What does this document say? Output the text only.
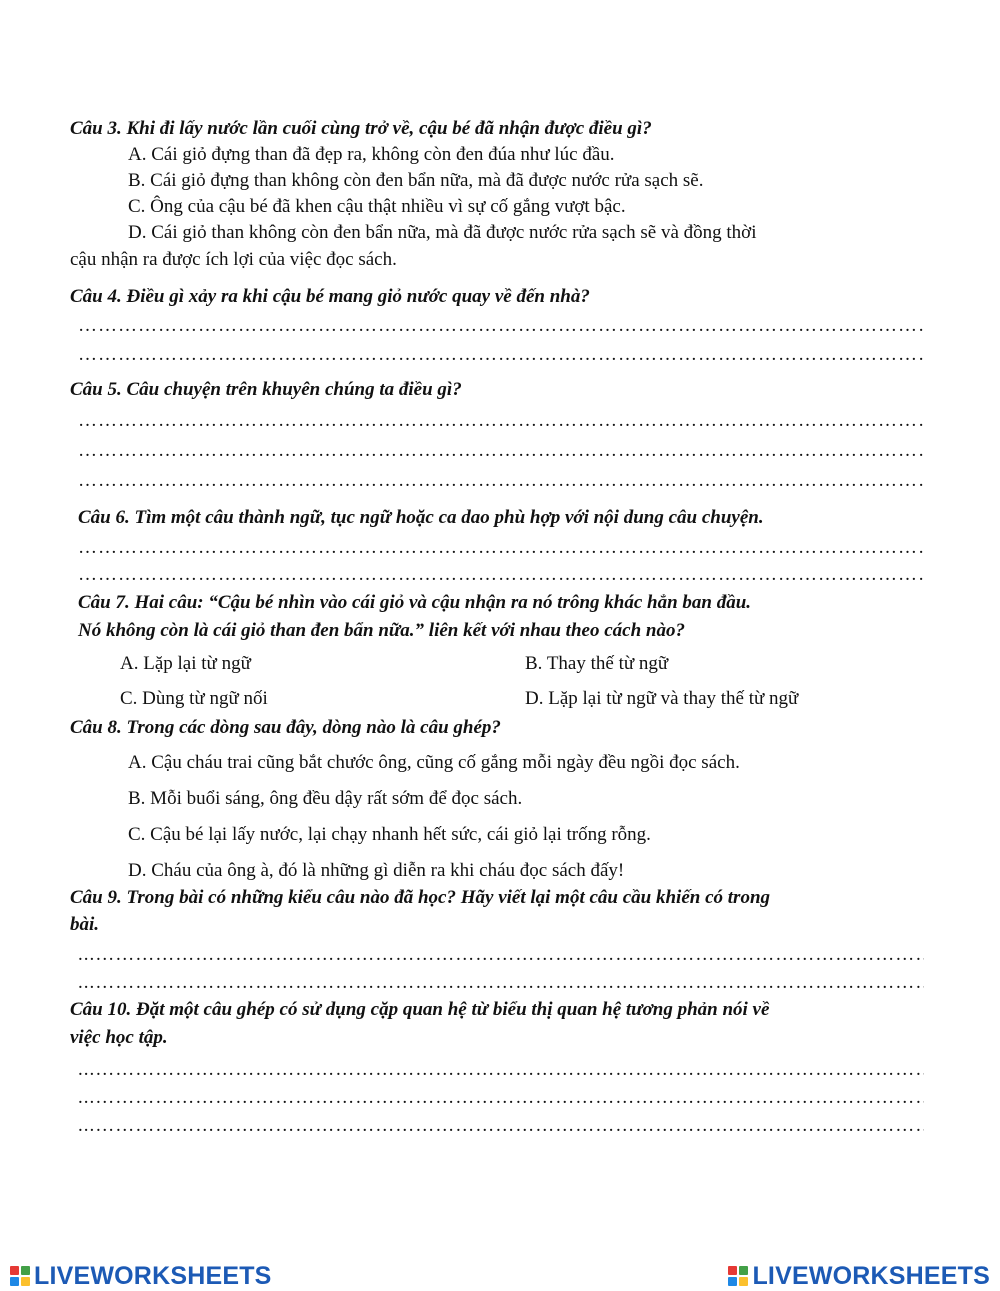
Câu 3. Khi đi lấy nước lần cuối cùng trở về, cậu bé đã nhận được điều gì?
A. Cái giỏ đựng than đã đẹp ra, không còn đen đúa như lúc đầu.
B. Cái giỏ đựng than không còn đen bẩn nữa, mà đã được nước rửa sạch sẽ.
C. Ông của cậu bé đã khen cậu thật nhiều vì sự cố gắng vượt bậc.
D. Cái giỏ than không còn đen bẩn nữa, mà đã được nước rửa sạch sẽ và đồng thời
cậu nhận ra được ích lợi của việc đọc sách.
Câu 4. Điều gì xảy ra khi cậu bé mang giỏ nước quay về đến nhà?
…………………………………………………………………………………………………………………………………………………………
…………………………………………………………………………………………………………………………………………………………
Câu 5. Câu chuyện trên khuyên chúng ta điều gì?
…………………………………………………………………………………………………………………………………………………………
…………………………………………………………………………………………………………………………………………………………
…………………………………………………………………………………………………………………………………………………………
Câu 6. Tìm một câu thành ngữ, tục ngữ hoặc ca dao phù hợp với nội dung câu chuyện.
…………………………………………………………………………………………………………………………………………………………
…………………………………………………………………………………………………………………………………………………………
Câu 7. Hai câu: “Cậu bé nhìn vào cái giỏ và cậu nhận ra nó trông khác hẳn ban đầu.
Nó không còn là cái giỏ than đen bẩn nữa.” liên kết với nhau theo cách nào?
A. Lặp lại từ ngữ	B. Thay thế từ ngữ
C. Dùng từ ngữ nối	D. Lặp lại từ ngữ và thay thế từ ngữ
Câu 8. Trong các dòng sau đây, dòng nào là câu ghép?
A. Cậu cháu trai cũng bắt chước ông, cũng cố gắng mỗi ngày đều ngồi đọc sách.
B. Mỗi buổi sáng, ông đều dậy rất sớm để đọc sách.
C. Cậu bé lại lấy nước, lại chạy nhanh hết sức, cái giỏ lại trống rỗng.
D. Cháu của ông à, đó là những gì diễn ra khi cháu đọc sách đấy!
Câu 9. Trong bài có những kiểu câu nào đã học? Hãy viết lại một câu cầu khiến có trong
bài.
... …………………………………………………………………………………………………………………………………………………………
... …………………………………………………………………………………………………………………………………………………………
Câu 10. Đặt một câu ghép có sử dụng cặp quan hệ từ biểu thị quan hệ tương phản nói về
việc học tập.
... …………………………………………………………………………………………………………………………………………………………
... …………………………………………………………………………………………………………………………………………………………
... …………………………………………………………………………………………………………………………………………………………
LIVEWORKSHEETS	LIVEWORKSHEETS
